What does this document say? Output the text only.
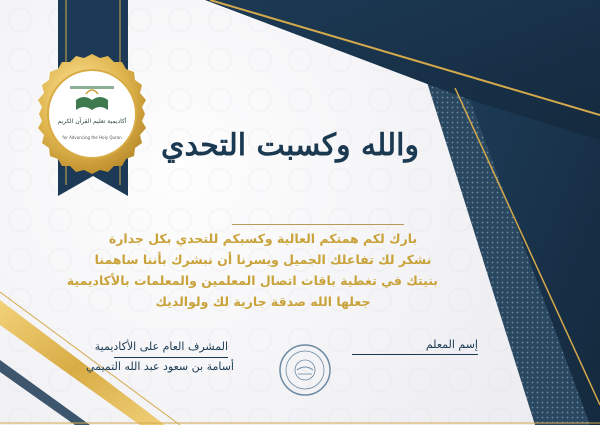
أكاديمية تعليم القرآن الكريم
for Advancing the Holy Quran	والله وكسبت التحدي
بارك لكم همتكم العالية وكسبكم للتحدي بكل جدارة
نشكر لك تفاعلك الجميل ويسرنا أن نبشرك بأننا ساهمنا
بنيتك في تغطية باقات اتصال المعلمين والمعلمات بالأكاديمية
جعلها الله صدقة جارية لك ولوالديك
إسم المعلم
المشرف العام على الأكاديمية
أسامة بن سعود عبد الله التميمي
